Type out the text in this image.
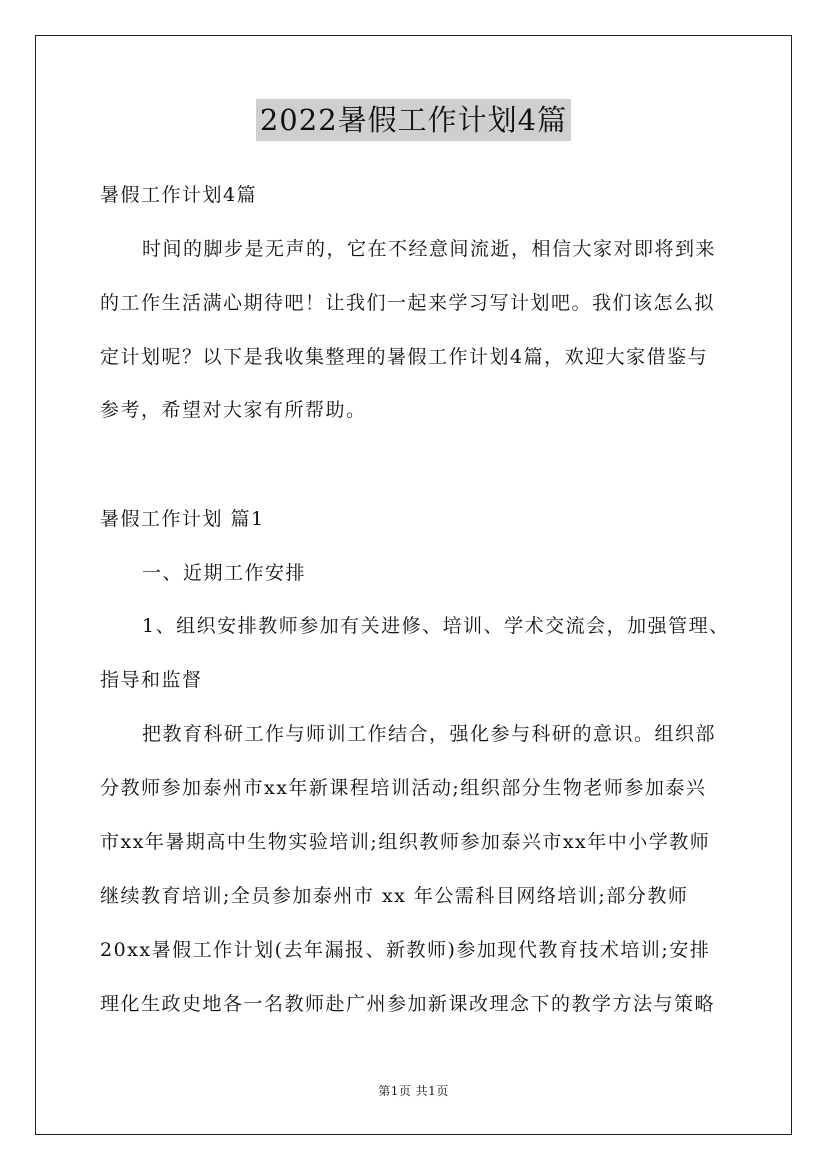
2022暑假工作计划4篇
暑假工作计划4篇
时间的脚步是无声的，它在不经意间流逝，相信大家对即将到来
的工作生活满心期待吧！让我们一起来学习写计划吧。我们该怎么拟
定计划呢？以下是我收集整理的暑假工作计划4篇，欢迎大家借鉴与
参考，希望对大家有所帮助。
暑假工作计划 篇1
一、近期工作安排
1、组织安排教师参加有关进修、培训、学术交流会，加强管理、
指导和监督
把教育科研工作与师训工作结合，强化参与科研的意识。组织部
分教师参加泰州市xx年新课程培训活动;组织部分生物老师参加泰兴
市xx年暑期高中生物实验培训;组织教师参加泰兴市xx年中小学教师
继续教育培训;全员参加泰州市 xx 年公需科目网络培训;部分教师
20xx暑假工作计划(去年漏报、新教师)参加现代教育技术培训;安排
理化生政史地各一名教师赴广州参加新课改理念下的教学方法与策略
第1页 共1页
